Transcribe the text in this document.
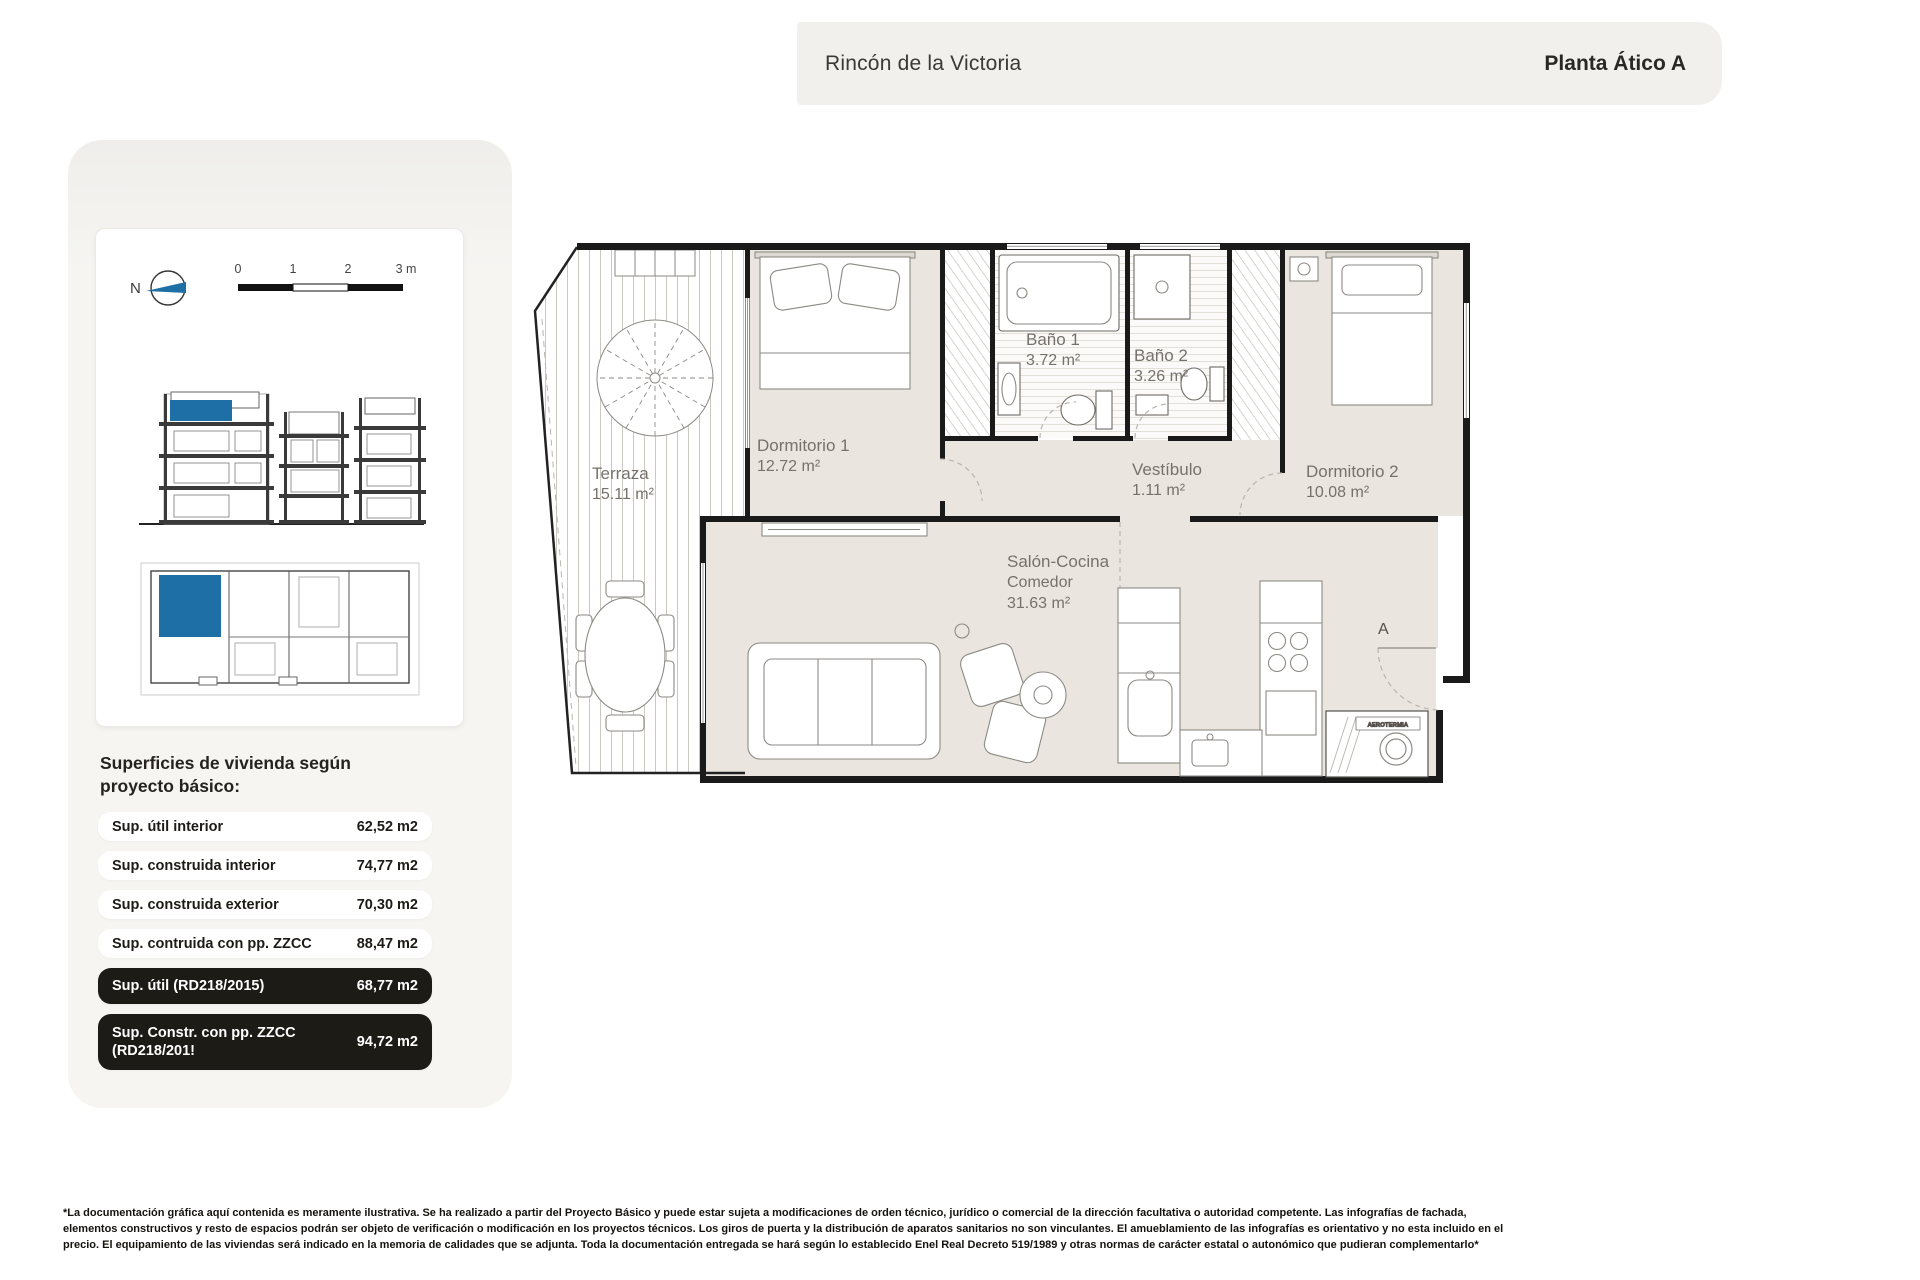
Rincón de la Victoria	Planta Ático A
N
0	1	2	3 m
Superficies de vivienda según
proyecto básico:
Sup. útil interior	62,52 m2
Sup. construida interior	74,77 m2
Sup. construida exterior	70,30 m2
Sup. contruida con pp. ZZCC	88,47 m2
Sup. útil (RD218/2015)	68,77 m2
Sup. Constr. con pp. ZZCC
(RD218/201!
94,72 m2
AEROTERMIA
Terraza
15.11 m²
Dormitorio 1
12.72 m²
Baño 1
3.72 m²	Baño 2
3.26 m²
Vestíbulo
1.11 m²
Dormitorio 2
10.08 m²
Salón-Cocina
Comedor
31.63 m²
A
*La documentación gráfica aquí contenida es meramente ilustrativa. Se ha realizado a partir del Proyecto Básico y puede estar sujeta a modificaciones de orden técnico, jurídico o comercial de la dirección facultativa o autoridad competente. Las infografías de fachada, elementos constructivos y resto de espacios podrán ser objeto de verificación o modificación en los proyectos técnicos. Los giros de puerta y la distribución de aparatos sanitarios no son vinculantes. El amueblamiento de las infografías es orientativo y no esta incluido en el precio. El equipamiento de las viviendas será indicado en la memoria de calidades que se adjunta. Toda la documentación entregada se hará según lo establecido Enel Real Decreto 519/1989 y otras normas de carácter estatal o autonómico que pudieran complementarlo*
